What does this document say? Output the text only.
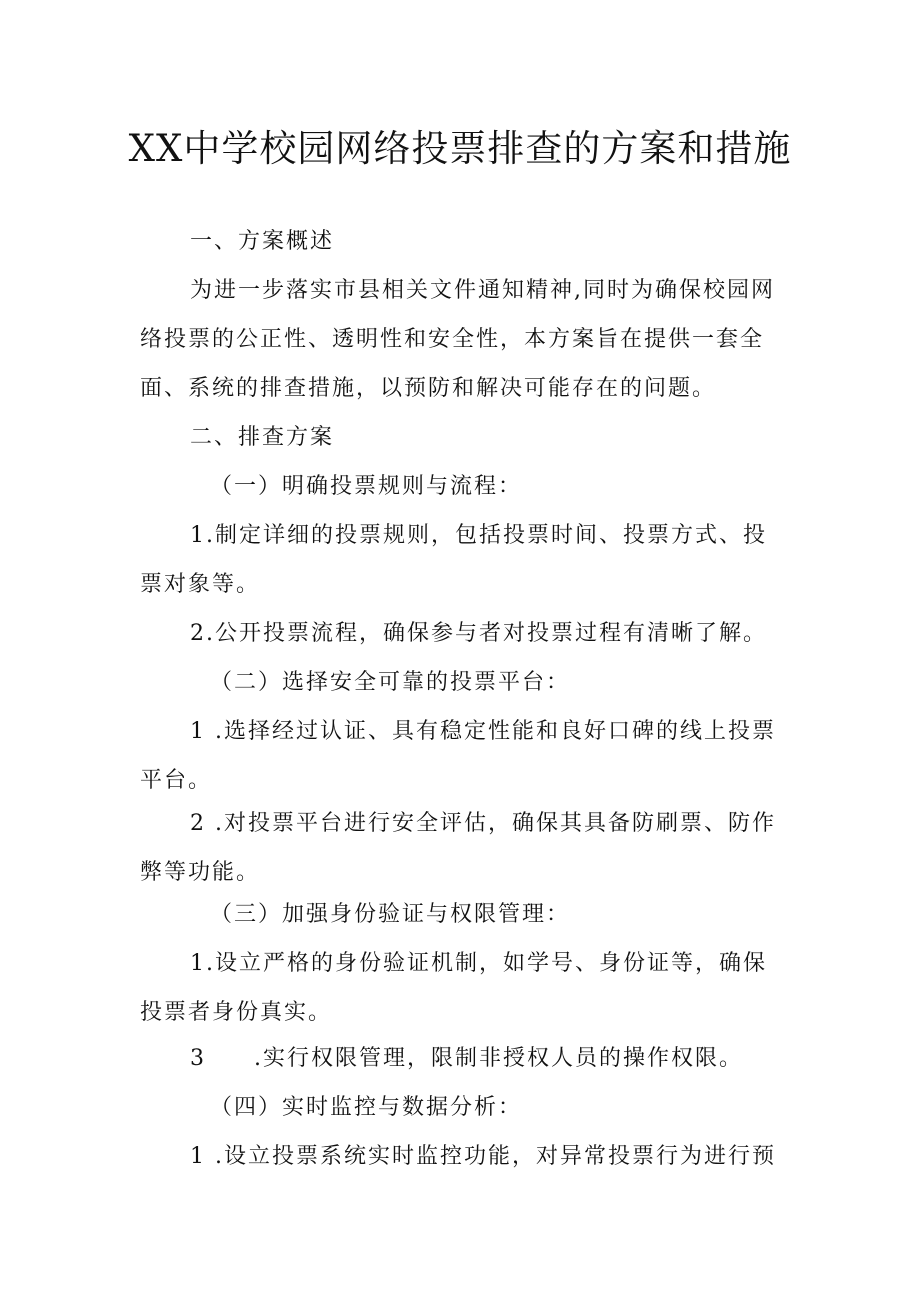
XX中学校园网络投票排查的方案和措施

一、方案概述

为进一步落实市县相关文件通知精神,同时为确保校园网络投票的公正性、透明性和安全性，本方案旨在提供一套全面、系统的排查措施，以预防和解决可能存在的问题。

二、排查方案

（一）明确投票规则与流程：

1.制定详细的投票规则，包括投票时间、投票方式、投票对象等。

2.公开投票流程，确保参与者对投票过程有清晰了解。

（二）选择安全可靠的投票平台：

1 .选择经过认证、具有稳定性能和良好口碑的线上投票平台。

2 .对投票平台进行安全评估，确保其具备防刷票、防作弊等功能。

（三）加强身份验证与权限管理：

1.设立严格的身份验证机制，如学号、身份证等，确保投票者身份真实。

3　　.实行权限管理，限制非授权人员的操作权限。

（四）实时监控与数据分析：

1 .设立投票系统实时监控功能，对异常投票行为进行预
